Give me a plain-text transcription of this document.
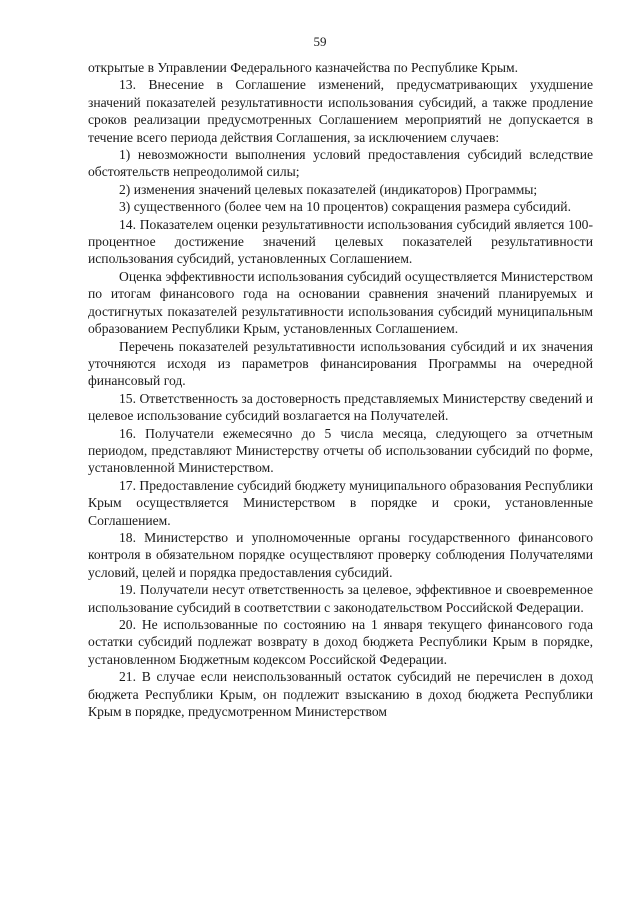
59

открытые в Управлении Федерального казначейства по Республике Крым.

13. Внесение в Соглашение изменений, предусматривающих ухудшение значений показателей результативности использования субсидий, а также продление сроков реализации предусмотренных Соглашением мероприятий не допускается в течение всего периода действия Соглашения, за исключением случаев:

1) невозможности выполнения условий предоставления субсидий вследствие обстоятельств непреодолимой силы;

2) изменения значений целевых показателей (индикаторов) Программы;

3) существенного (более чем на 10 процентов) сокращения размера субсидий.

14. Показателем оценки результативности использования субсидий является 100-процентное достижение значений целевых показателей результативности использования субсидий, установленных Соглашением.

Оценка эффективности использования субсидий осуществляется Министерством по итогам финансового года на основании сравнения значений планируемых и достигнутых показателей результативности использования субсидий муниципальным образованием Республики Крым, установленных Соглашением.

Перечень показателей результативности использования субсидий и их значения уточняются исходя из параметров финансирования Программы на очередной финансовый год.

15. Ответственность за достоверность представляемых Министерству сведений и целевое использование субсидий возлагается на Получателей.

16. Получатели ежемесячно до 5 числа месяца, следующего за отчетным периодом, представляют Министерству отчеты об использовании субсидий по форме, установленной Министерством.

17. Предоставление субсидий бюджету муниципального образования Республики Крым осуществляется Министерством в порядке и сроки, установленные Соглашением.

18. Министерство и уполномоченные органы государственного финансового контроля в обязательном порядке осуществляют проверку соблюдения Получателями условий, целей и порядка предоставления субсидий.

19. Получатели несут ответственность за целевое, эффективное и своевременное использование субсидий в соответствии с законодательством Российской Федерации.

20. Не использованные по состоянию на 1 января текущего финансового года остатки субсидий подлежат возврату в доход бюджета Республики Крым в порядке, установленном Бюджетным кодексом Российской Федерации.

21. В случае если неиспользованный остаток субсидий не перечислен в доход бюджета Республики Крым, он подлежит взысканию в доход бюджета Республики Крым в порядке, предусмотренном Министерством
